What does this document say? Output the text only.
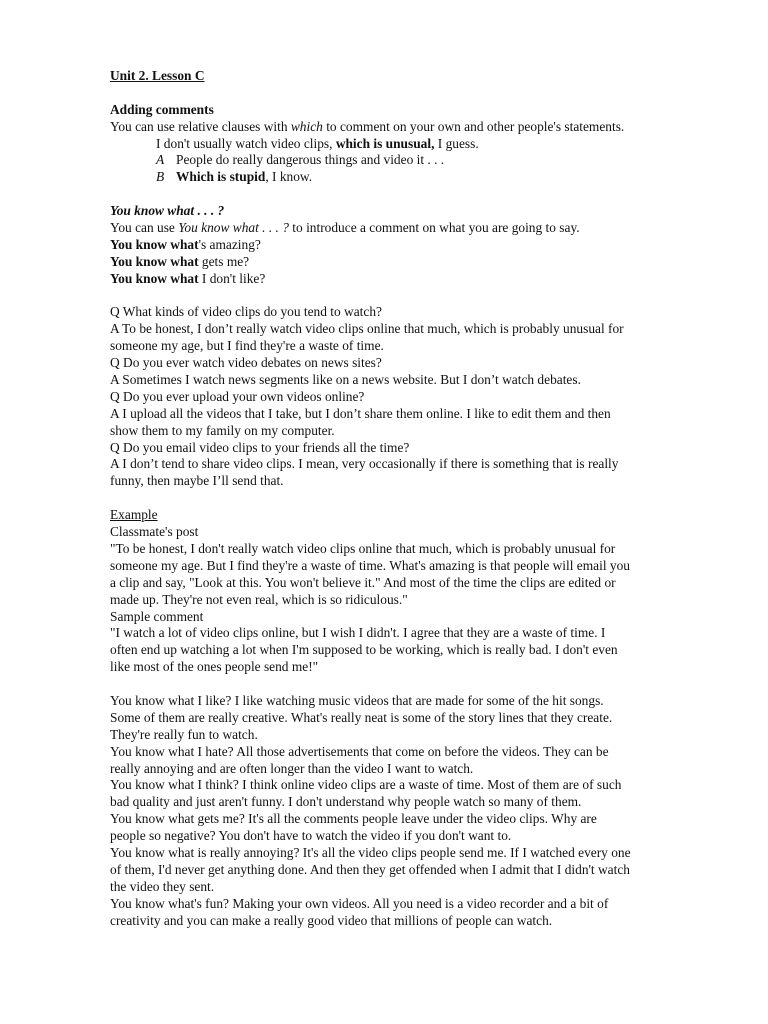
Unit 2. Lesson C
Adding comments
You can use relative clauses with which to comment on your own and other people's statements.
I don't usually watch video clips, which is unusual, I guess.
A People do really dangerous things and video it . . .
B Which is stupid, I know.
You know what . . . ?
You can use You know what . . . ? to introduce a comment on what you are going to say.
You know what's amazing?
You know what gets me?
You know what I don't like?
Q What kinds of video clips do you tend to watch?
A To be honest, I don’t really watch video clips online that much, which is probably unusual for
someone my age, but I find they're a waste of time.
Q Do you ever watch video debates on news sites?
A Sometimes I watch news segments like on a news website. But I don’t watch debates.
Q Do you ever upload your own videos online?
A I upload all the videos that I take, but I don’t share them online. I like to edit them and then
show them to my family on my computer.
Q Do you email video clips to your friends all the time?
A I don’t tend to share video clips. I mean, very occasionally if there is something that is really
funny, then maybe I’ll send that.
Example
Classmate's post
"To be honest, I don't really watch video clips online that much, which is probably unusual for
someone my age. But I find they're a waste of time. What's amazing is that people will email you
a clip and say, "Look at this. You won't believe it." And most of the time the clips are edited or
made up. They're not even real, which is so ridiculous."
Sample comment
"I watch a lot of video clips online, but I wish I didn't. I agree that they are a waste of time. I
often end up watching a lot when I'm supposed to be working, which is really bad. I don't even
like most of the ones people send me!"
You know what I like? I like watching music videos that are made for some of the hit songs.
Some of them are really creative. What's really neat is some of the story lines that they create.
They're really fun to watch.
You know what I hate? All those advertisements that come on before the videos. They can be
really annoying and are often longer than the video I want to watch.
You know what I think? I think online video clips are a waste of time. Most of them are of such
bad quality and just aren't funny. I don't understand why people watch so many of them.
You know what gets me? It's all the comments people leave under the video clips. Why are
people so negative? You don't have to watch the video if you don't want to.
You know what is really annoying? It's all the video clips people send me. If I watched every one
of them, I'd never get anything done. And then they get offended when I admit that I didn't watch
the video they sent.
You know what's fun? Making your own videos. All you need is a video recorder and a bit of
creativity and you can make a really good video that millions of people can watch.
